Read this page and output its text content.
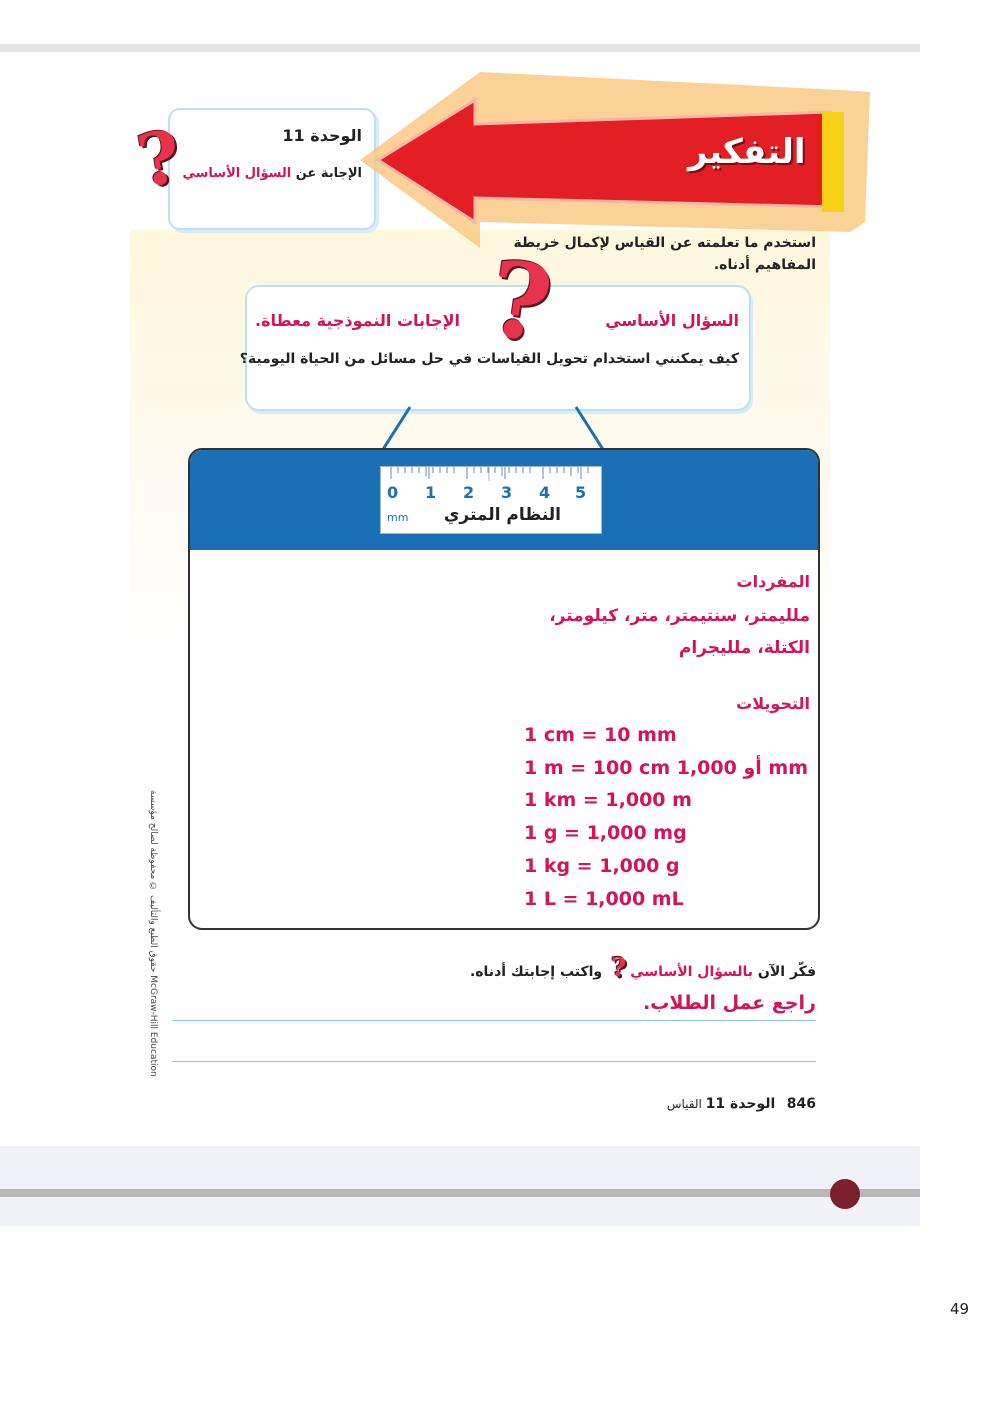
الوحدة 11
الإجابة عن السؤال الأساسي
?	التفكير
استخدم ما تعلمته عن القياس لإكمال خريطة المفاهيم أدناه.
السؤال الأساسي
الإجابات النموذجية معطاة.
كيف يمكنني استخدام تحويل القياسات في حل مسائل من الحياة اليومية؟
?
0 1 2 3 4 5
mm النظام المتري
المفردات
ملليمتر، سنتيمتر، متر، كيلومتر،
الكتلة، ملليجرام
التحويلات
1 cm = 10 mm
1 m = 100 cm أو 1,000 mm
1 km = 1,000 m
1 g = 1,000 mg
1 kg = 1,000 g
1 L = 1,000 mL
فكّر الآن بالسؤال الأساسي? واكتب إجابتك أدناه.
راجع عمل الطلاب.
846   الوحدة 11 القياس
حقوق الطبع والتأليف © محفوظة لصالح مؤسسة McGraw-Hill Education
49
